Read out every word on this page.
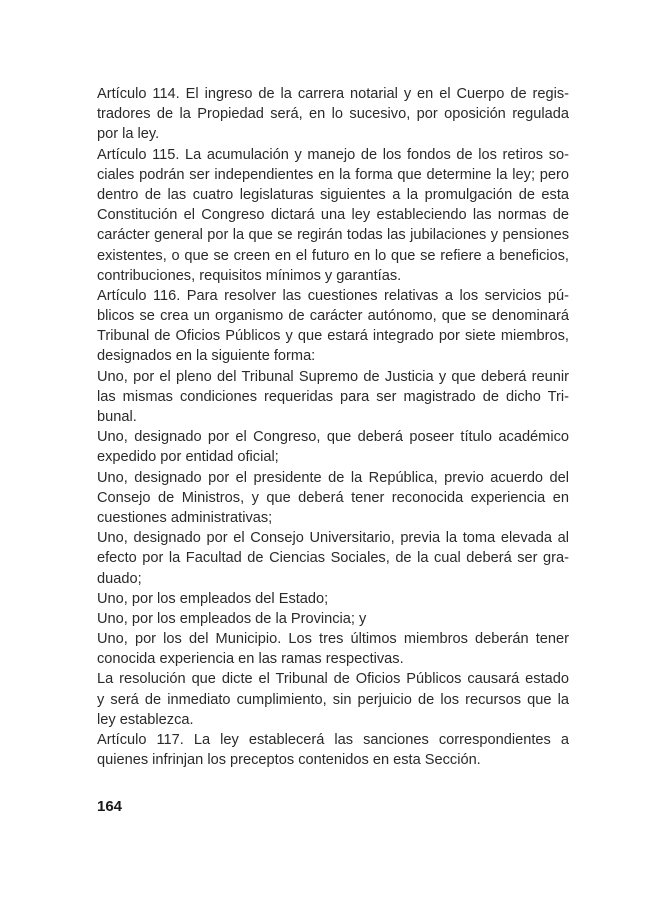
Artículo 114. El ingreso de la carrera notarial y en el Cuerpo de regis-
tradores de la Propiedad será, en lo sucesivo, por oposición regulada
por la ley.
Artículo 115. La acumulación y manejo de los fondos de los retiros so-
ciales podrán ser independientes en la forma que determine la ley; pero
dentro de las cuatro legislaturas siguientes a la promulgación de esta
Constitución el Congreso dictará una ley estableciendo las normas de
carácter general por la que se regirán todas las jubilaciones y pensiones
existentes, o que se creen en el futuro en lo que se refiere a beneficios,
contribuciones, requisitos mínimos y garantías.
Artículo 116. Para resolver las cuestiones relativas a los servicios pú-
blicos se crea un organismo de carácter autónomo, que se denominará
Tribunal de Oficios Públicos y que estará integrado por siete miembros,
designados en la siguiente forma:
Uno, por el pleno del Tribunal Supremo de Justicia y que deberá reunir
las mismas condiciones requeridas para ser magistrado de dicho Tri-
bunal.
Uno, designado por el Congreso, que deberá poseer título académico
expedido por entidad oficial;
Uno, designado por el presidente de la República, previo acuerdo del
Consejo de Ministros, y que deberá tener reconocida experiencia en
cuestiones administrativas;
Uno, designado por el Consejo Universitario, previa la toma elevada al
efecto por la Facultad de Ciencias Sociales, de la cual deberá ser gra-
duado;
Uno, por los empleados del Estado;
Uno, por los empleados de la Provincia; y
Uno, por los del Municipio. Los tres últimos miembros deberán tener
conocida experiencia en las ramas respectivas.
La resolución que dicte el Tribunal de Oficios Públicos causará estado
y será de inmediato cumplimiento, sin perjuicio de los recursos que la
ley establezca.
Artículo 117. La ley establecerá las sanciones correspondientes a
quienes infrinjan los preceptos contenidos en esta Sección.
164
